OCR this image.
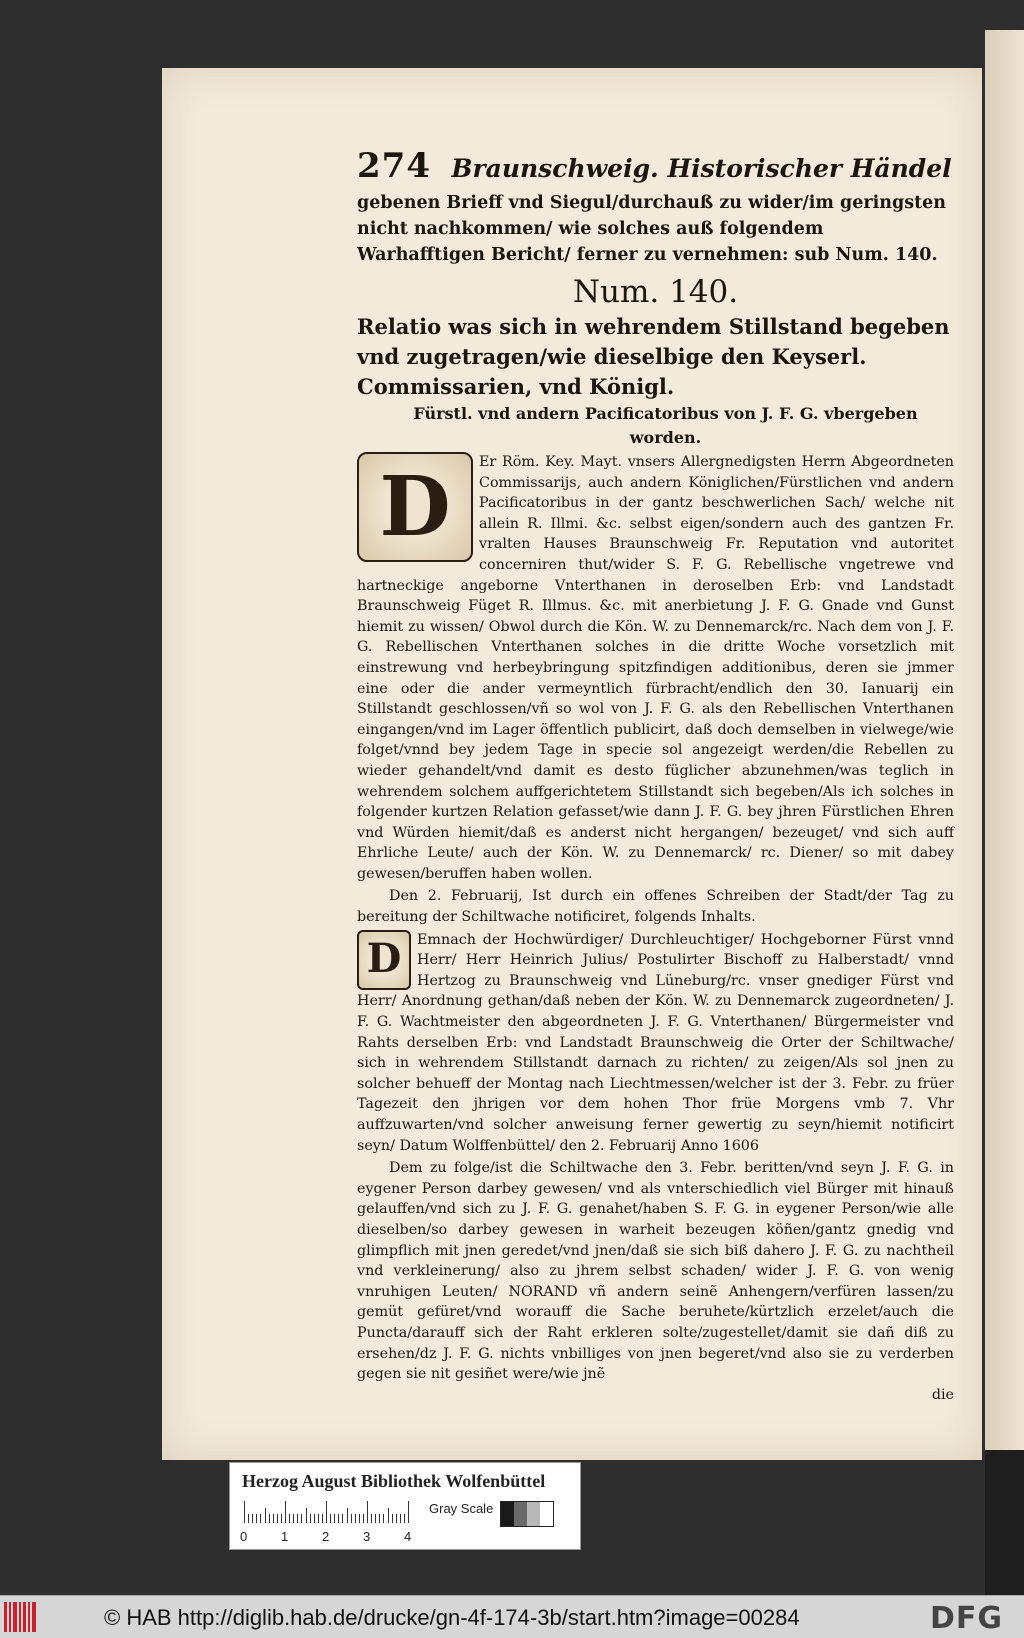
274 Braunschweig. Historischer Händel
gebenen Brieff vnd Siegul/durchauß zu wider/im geringsten nicht nachkommen/ wie solches auß folgendem Warhafftigen Bericht/ ferner zu vernehmen: sub Num. 140.
Num. 140.
Relatio was sich in wehrendem Stillstand begeben vnd zugetragen/wie dieselbige den Keyserl. Commissarien, vnd Königl.
Fürstl. vnd andern Pacificatoribus von J. F. G. vbergeben worden.
D	Er Röm. Key. Mayt. vnsers Allergnedigsten Herrn Abgeordneten Commissarijs, auch andern Königlichen/Fürstlichen vnd andern Pacificatoribus in der gantz beschwerlichen Sach/ welche nit allein R. Illmi. &c. selbst eigen/sondern auch des gantzen Fr. vralten Hauses Braunschweig Fr. Reputation vnd autoritet concerniren thut/wider S. F. G. Rebellische vngetrewe vnd hartneckige angeborne Vnterthanen in deroselben Erb: vnd Landstadt Braunschweig Füget R. Illmus. &c. mit anerbietung J. F. G. Gnade vnd Gunst hiemit zu wissen/ Obwol durch die Kön. W. zu Dennemarck/rc. Nach dem von J. F. G. Rebellischen Vnterthanen solches in die dritte Woche vorsetzlich mit einstrewung vnd herbeybringung spitzfindigen additionibus, deren sie jmmer eine oder die ander vermeyntlich fürbracht/endlich den 30. Ianuarij ein Stillstandt geschlossen/vñ so wol von J. F. G. als den Rebellischen Vnterthanen eingangen/vnd im Lager öffentlich publicirt, daß doch demselben in vielwege/wie folget/vnnd bey jedem Tage in specie sol angezeigt werden/die Rebellen zu wieder gehandelt/vnd damit es desto füglicher abzunehmen/was teglich in wehrendem solchem auffgerichtetem Stillstandt sich begeben/Als ich solches in folgender kurtzen Relation gefasset/wie dann J. F. G. bey jhren Fürstlichen Ehren vnd Würden hiemit/daß es anderst nicht hergangen/ bezeuget/ vnd sich auff Ehrliche Leute/ auch der Kön. W. zu Dennemarck/ rc. Diener/ so mit dabey gewesen/beruffen haben wollen.
Den 2. Februarij, Ist durch ein offenes Schreiben der Stadt/der Tag zu bereitung der Schiltwache notificiret, folgends Inhalts.
D	Emnach der Hochwürdiger/ Durchleuchtiger/ Hochgeborner Fürst vnnd Herr/ Herr Heinrich Julius/ Postulirter Bischoff zu Halberstadt/ vnnd Hertzog zu Braunschweig vnd Lüneburg/rc. vnser gnediger Fürst vnd Herr/ Anordnung gethan/daß neben der Kön. W. zu Dennemarck zugeordneten/ J. F. G. Wachtmeister den abgeordneten J. F. G. Vnterthanen/ Bürgermeister vnd Rahts derselben Erb: vnd Landstadt Braunschweig die Orter der Schiltwache/ sich in wehrendem Stillstandt darnach zu richten/ zu zeigen/Als sol jnen zu solcher behueff der Montag nach Liechtmessen/welcher ist der 3. Febr. zu früer Tagezeit den jhrigen vor dem hohen Thor früe Morgens vmb 7. Vhr auffzuwarten/vnd solcher anweisung ferner gewertig zu seyn/hiemit notificirt seyn/ Datum Wolffenbüttel/ den 2. Februarij Anno 1606
Dem zu folge/ist die Schiltwache den 3. Febr. beritten/vnd seyn J. F. G. in eygener Person darbey gewesen/ vnd als vnterschiedlich viel Bürger mit hinauß gelauffen/vnd sich zu J. F. G. genahet/haben S. F. G. in eygener Person/wie alle dieselben/so darbey gewesen in warheit bezeugen köñen/gantz gnedig vnd glimpflich mit jnen geredet/vnd jnen/daß sie sich biß dahero J. F. G. zu nachtheil vnd verkleinerung/ also zu jhrem selbst schaden/ wider J. F. G. von wenig vnruhigen Leuten/ NORAND vñ andern seinẽ Anhengern/verfüren lassen/zu gemüt gefüret/vnd worauff die Sache beruhete/kürtzlich erzelet/auch die Puncta/darauff sich der Raht erkleren solte/zugestellet/damit sie dañ diß zu ersehen/dz J. F. G. nichts vnbilliges von jnen begeret/vnd also sie zu verderben gegen sie nit gesiñet were/wie jnẽ
die
Herzog August Bibliothek Wolfenbüttel
0	1	2	3	4
Gray Scale
© HAB http://diglib.hab.de/drucke/gn-4f-174-3b/start.htm?image=00284	DFG
